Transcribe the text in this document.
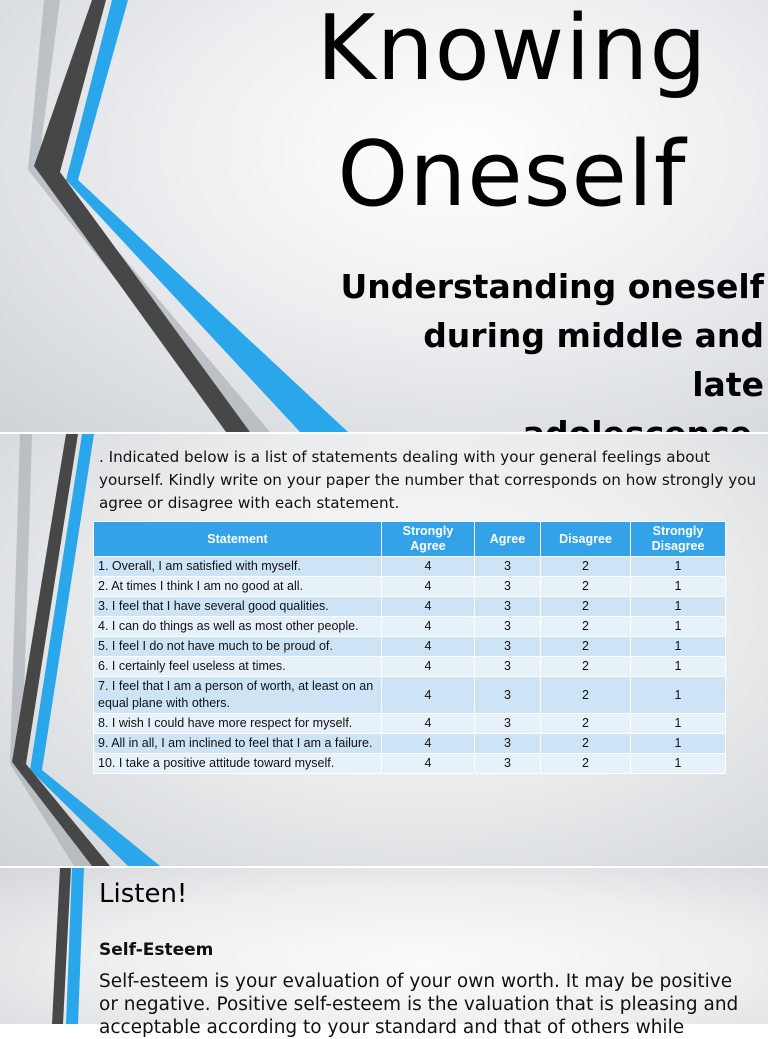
Knowing
Oneself
Understanding oneself
during middle and late
. Indicated below is a list of statements dealing with your general feelings about yourself. Kindly write on your paper the number that corresponds on how strongly you agree or disagree with each statement.
Statement	Strongly Agree	Agree	Disagree	Strongly Disagree
1. Overall, I am satisfied with myself.	4	3	2	1
2. At times I think I am no good at all.	4	3	2	1
3. I feel that I have several good qualities.	4	3	2	1
4. I can do things as well as most other people.	4	3	2	1
5. I feel I do not have much to be proud of.	4	3	2	1
6. I certainly feel useless at times.	4	3	2	1
7. I feel that I am a person of worth, at least on an
equal plane with others.	4	3	2	1
8. I wish I could have more respect for myself.	4	3	2	1
9. All in all, I am inclined to feel that I am a failure.	4	3	2	1
10. I take a positive attitude toward myself.	4	3	2	1
Listen!
Self-Esteem
Self-esteem is your evaluation of your own worth. It may be positive or negative. Positive self-esteem is the valuation that is pleasing and acceptable according to your standard and that of others while
